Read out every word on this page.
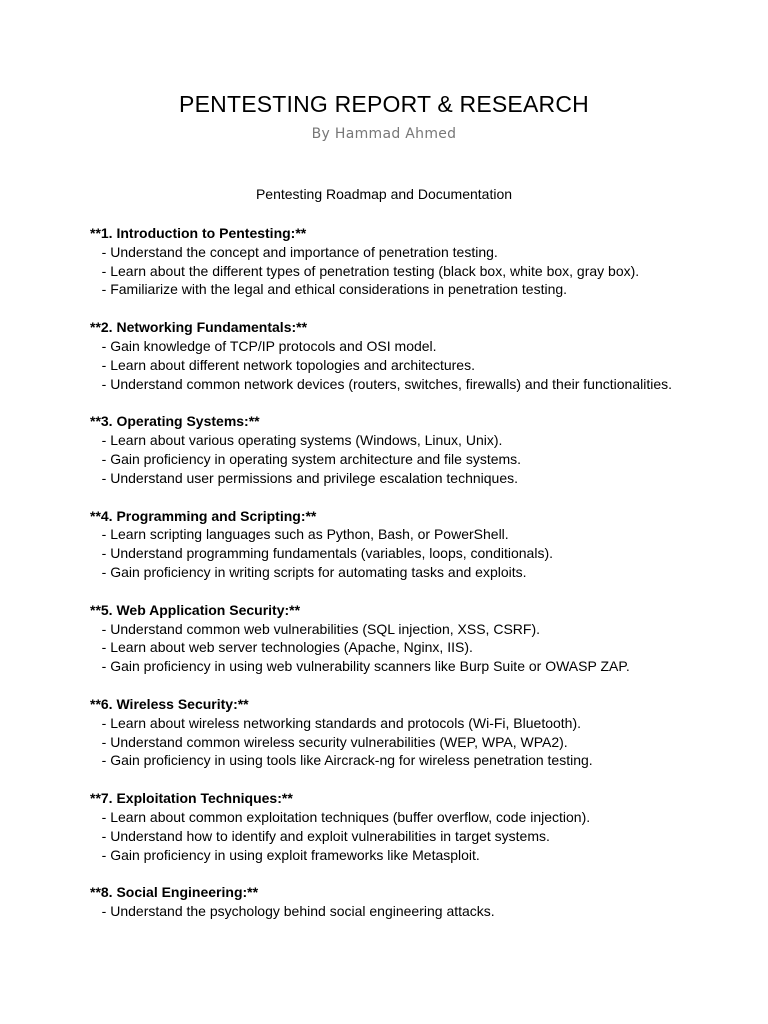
PENTESTING REPORT & RESEARCH
By Hammad Ahmed
Pentesting Roadmap and Documentation

**1. Introduction to Pentesting:**

- Understand the concept and importance of penetration testing.

- Learn about the different types of penetration testing (black box, white box, gray box).

- Familiarize with the legal and ethical considerations in penetration testing.

**2. Networking Fundamentals:**

- Gain knowledge of TCP/IP protocols and OSI model.

- Learn about different network topologies and architectures.

- Understand common network devices (routers, switches, firewalls) and their functionalities.

**3. Operating Systems:**

- Learn about various operating systems (Windows, Linux, Unix).

- Gain proficiency in operating system architecture and file systems.

- Understand user permissions and privilege escalation techniques.

**4. Programming and Scripting:**

- Learn scripting languages such as Python, Bash, or PowerShell.

- Understand programming fundamentals (variables, loops, conditionals).

- Gain proficiency in writing scripts for automating tasks and exploits.

**5. Web Application Security:**

- Understand common web vulnerabilities (SQL injection, XSS, CSRF).

- Learn about web server technologies (Apache, Nginx, IIS).

- Gain proficiency in using web vulnerability scanners like Burp Suite or OWASP ZAP.

**6. Wireless Security:**

- Learn about wireless networking standards and protocols (Wi-Fi, Bluetooth).

- Understand common wireless security vulnerabilities (WEP, WPA, WPA2).

- Gain proficiency in using tools like Aircrack-ng for wireless penetration testing.

**7. Exploitation Techniques:**

- Learn about common exploitation techniques (buffer overflow, code injection).

- Understand how to identify and exploit vulnerabilities in target systems.

- Gain proficiency in using exploit frameworks like Metasploit.

**8. Social Engineering:**

- Understand the psychology behind social engineering attacks.
